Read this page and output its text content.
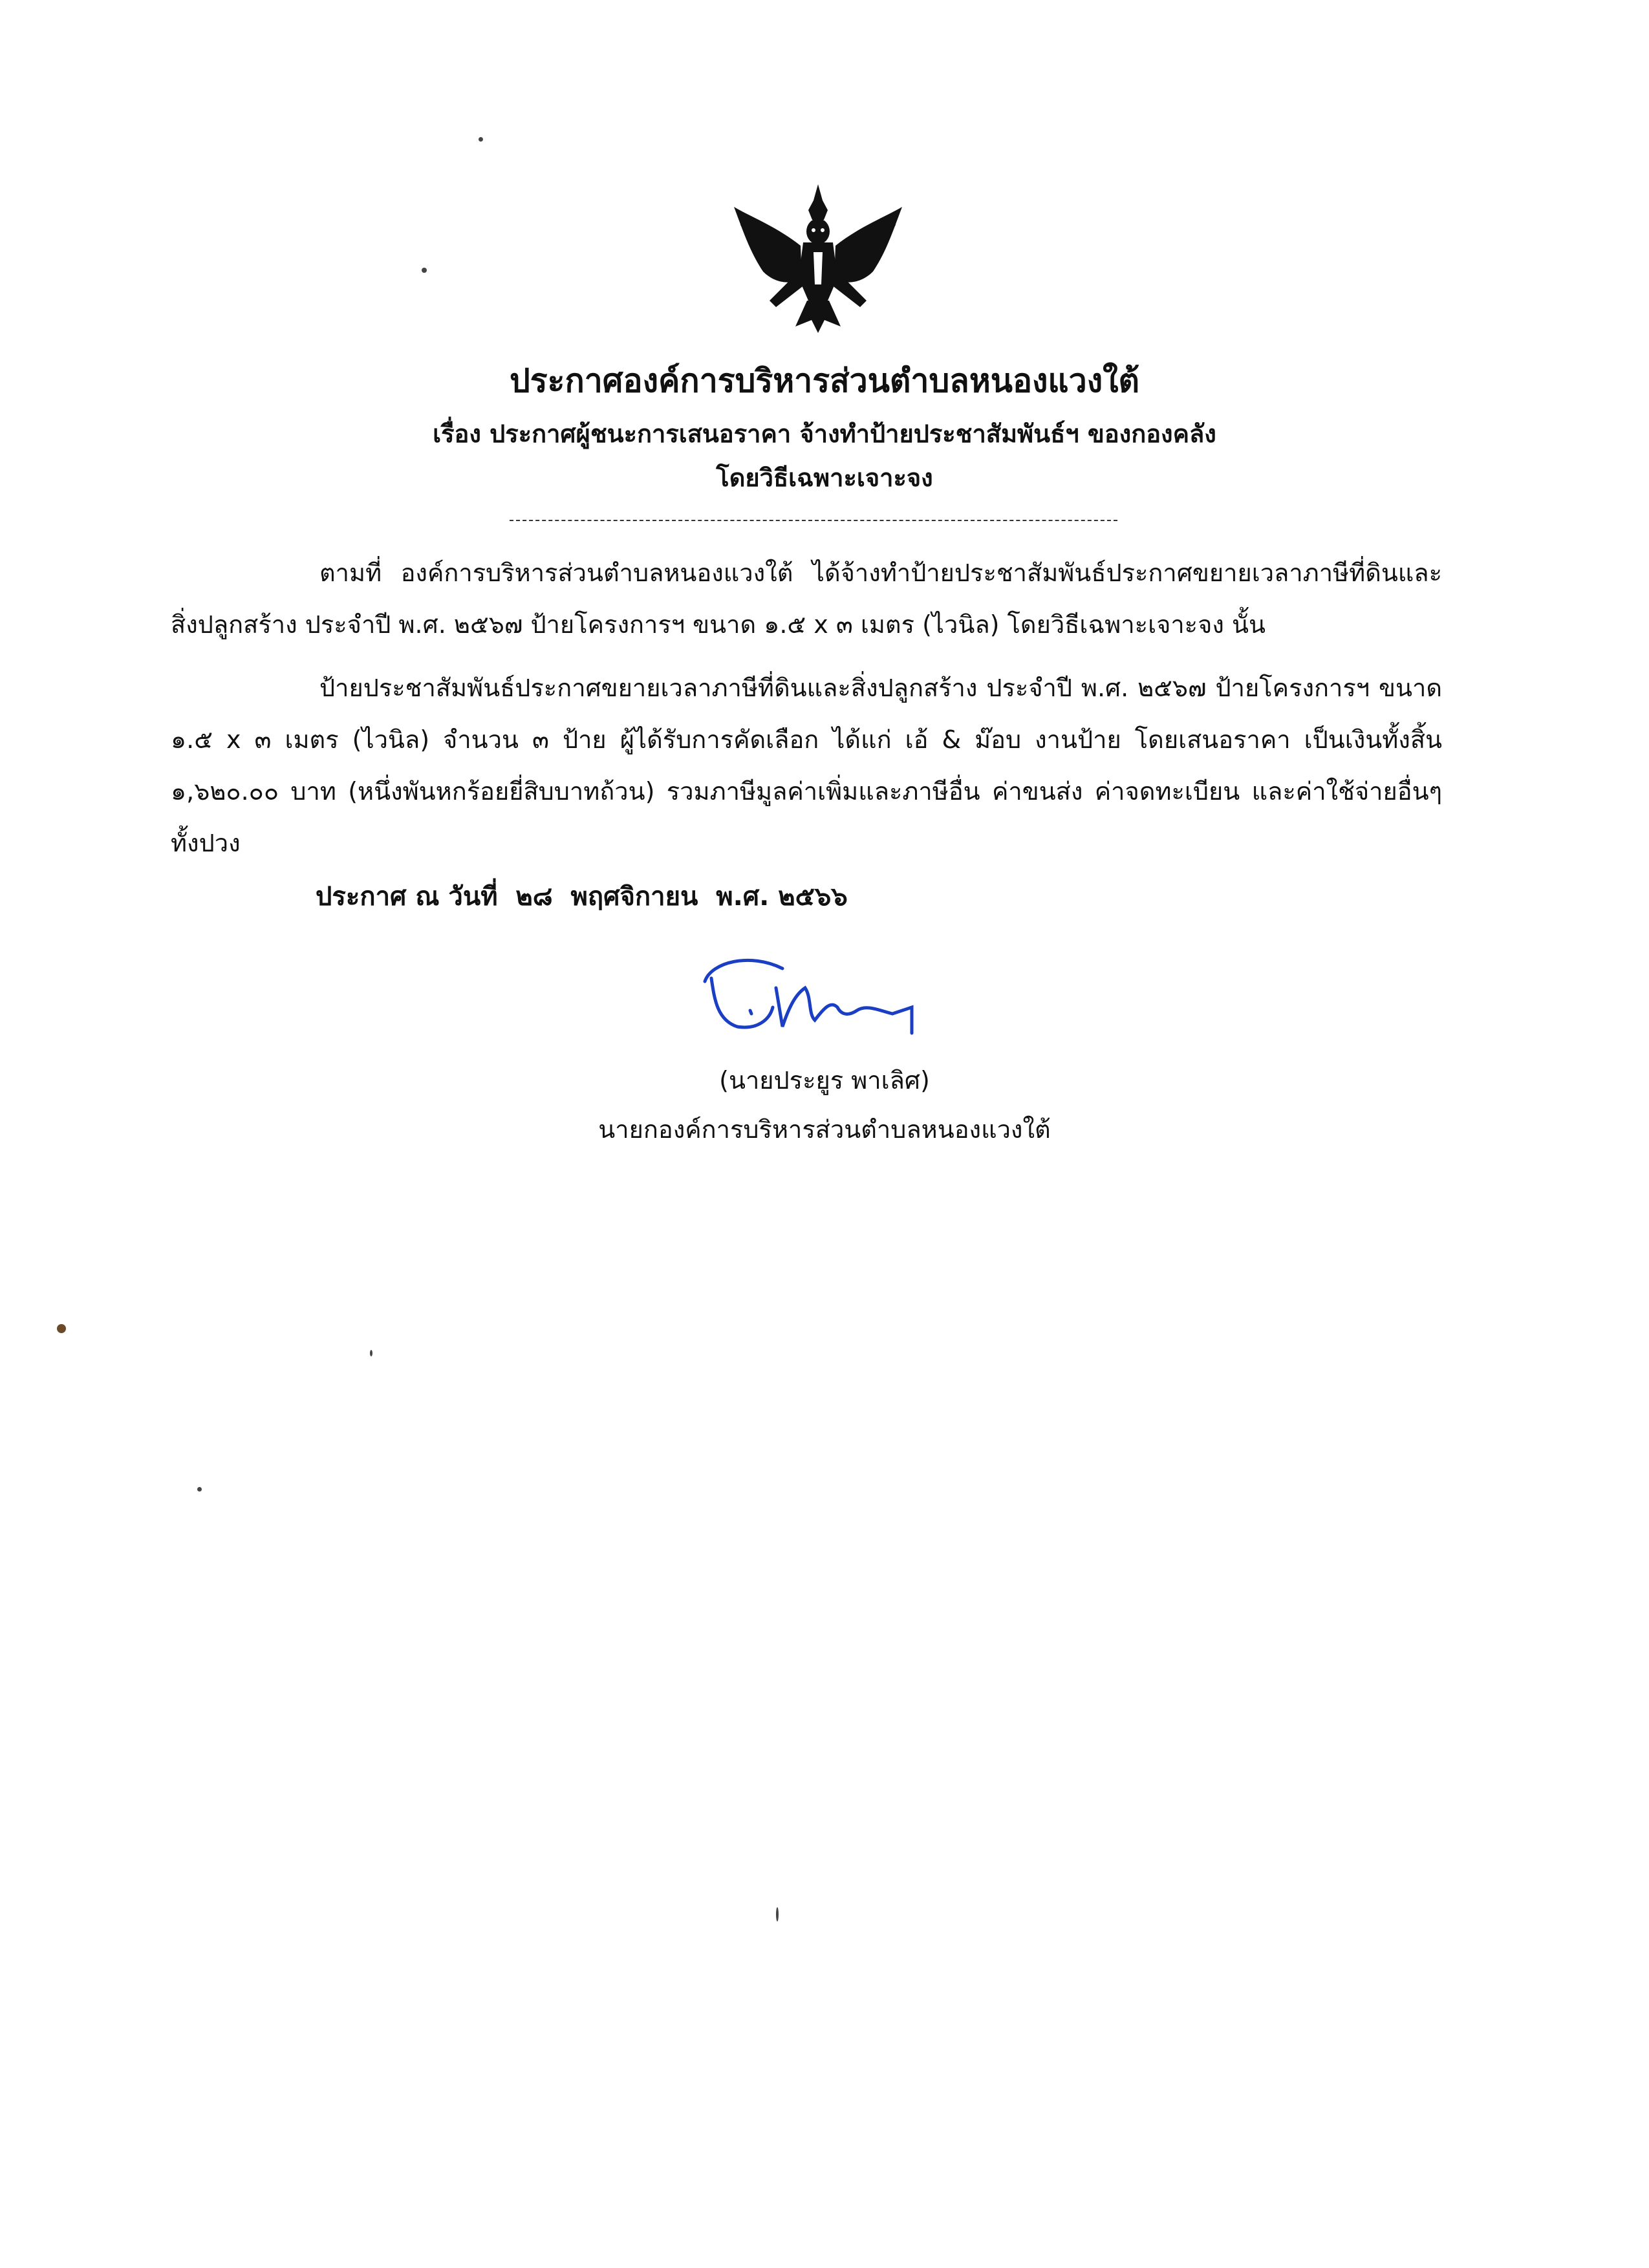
ประกาศองค์การบริหารส่วนตำบลหนองแวงใต้
เรื่อง ประกาศผู้ชนะการเสนอราคา จ้างทำป้ายประชาสัมพันธ์ฯ ของกองคลัง
โดยวิธีเฉพาะเจาะจง
ตามที่ องค์การบริหารส่วนตำบลหนองแวงใต้ ได้จ้างทำป้ายประชาสัมพันธ์ประกาศขยายเวลาภาษีที่ดินและสิ่งปลูกสร้าง ประจำปี พ.ศ. ๒๕๖๗ ป้ายโครงการฯ ขนาด ๑.๕ x ๓ เมตร (ไวนิล) โดยวิธีเฉพาะเจาะจง นั้น
ป้ายประชาสัมพันธ์ประกาศขยายเวลาภาษีที่ดินและสิ่งปลูกสร้าง ประจำปี พ.ศ. ๒๕๖๗ ป้ายโครงการฯ ขนาด ๑.๕ x ๓ เมตร (ไวนิล) จำนวน ๓ ป้าย ผู้ได้รับการคัดเลือก ได้แก่ เอ้ & ม๊อบ งานป้าย โดยเสนอราคา เป็นเงินทั้งสิ้น ๑,๖๒๐.๐๐ บาท (หนึ่งพันหกร้อยยี่สิบบาทถ้วน) รวมภาษีมูลค่าเพิ่มและภาษีอื่น ค่าขนส่ง ค่าจดทะเบียน และค่าใช้จ่ายอื่นๆ ทั้งปวง
ประกาศ ณ วันที่  ๒๘  พฤศจิกายน  พ.ศ. ๒๕๖๖
(นายประยูร พาเลิศ)
นายกองค์การบริหารส่วนตำบลหนองแวงใต้
